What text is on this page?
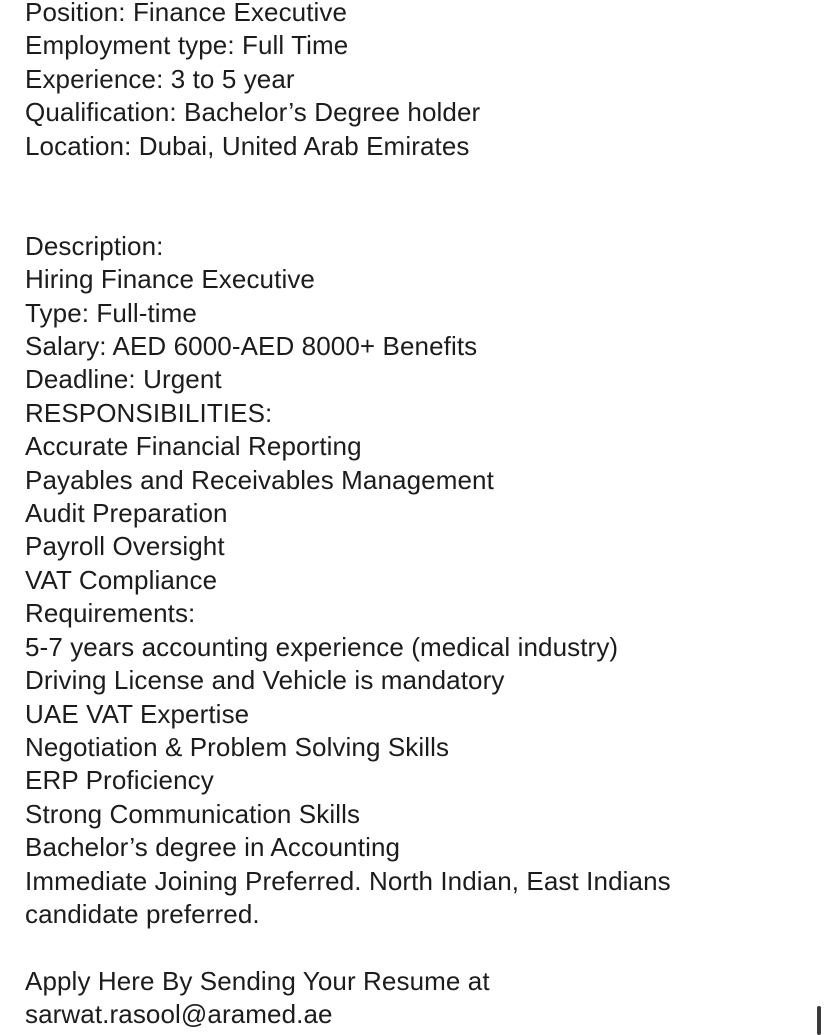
Position: Finance Executive
Employment type: Full Time
Experience: 3 to 5 year
Qualification: Bachelor’s Degree holder
Location: Dubai, United Arab Emirates
Description:
Hiring Finance Executive
Type: Full-time
Salary: AED 6000-AED 8000+ Benefits
Deadline: Urgent
RESPONSIBILITIES:
Accurate Financial Reporting
Payables and Receivables Management
Audit Preparation
Payroll Oversight
VAT Compliance
Requirements:
5-7 years accounting experience (medical industry)
Driving License and Vehicle is mandatory
UAE VAT Expertise
Negotiation & Problem Solving Skills
ERP Proficiency
Strong Communication Skills
Bachelor’s degree in Accounting
Immediate Joining Preferred. North Indian, East Indians candidate preferred.
Apply Here By Sending Your Resume at
sarwat.rasool@aramed.ae
